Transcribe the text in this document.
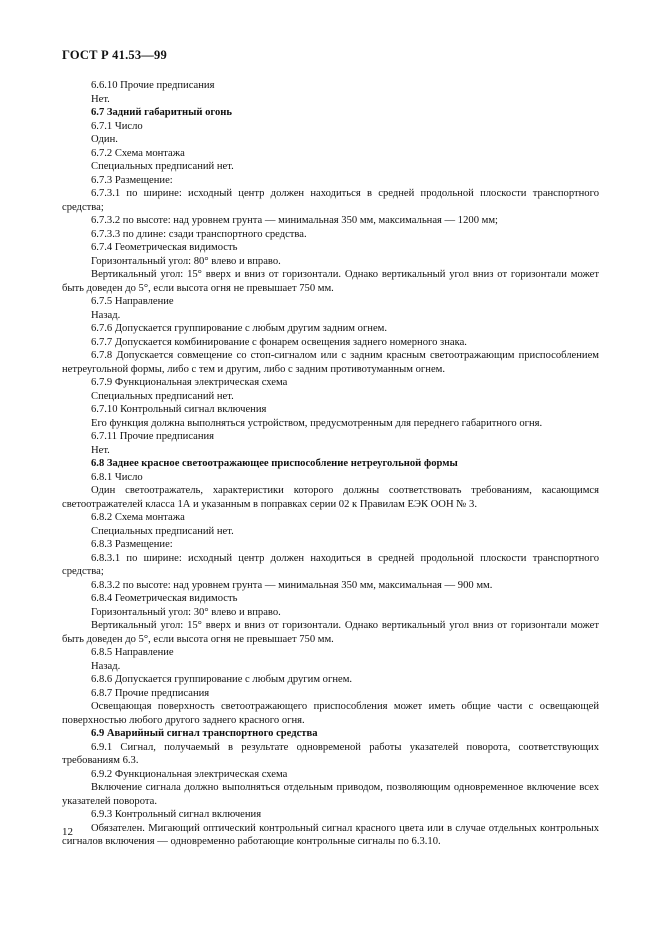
ГОСТ Р 41.53—99

6.6.10 Прочие предписания

Нет.

6.7 Задний габаритный огонь

6.7.1 Число

Один.

6.7.2 Схема монтажа

Специальных предписаний нет.

6.7.3 Размещение:

6.7.3.1 по ширине: исходный центр должен находиться в средней продольной плоскости транспортного средства;

6.7.3.2 по высоте: над уровнем грунта — минимальная 350 мм, максимальная — 1200 мм;

6.7.3.3 по длине: сзади транспортного средства.

6.7.4 Геометрическая видимость

Горизонтальный угол: 80° влево и вправо.

Вертикальный угол: 15° вверх и вниз от горизонтали. Однако вертикальный угол вниз от горизонтали может быть доведен до 5°, если высота огня не превышает 750 мм.

6.7.5 Направление

Назад.

6.7.6 Допускается группирование с любым другим задним огнем.

6.7.7 Допускается комбинирование с фонарем освещения заднего номерного знака.

6.7.8 Допускается совмещение со стоп-сигналом или с задним красным светоотражающим приспособлением нетреугольной формы, либо с тем и другим, либо с задним противотуманным огнем.

6.7.9 Функциональная электрическая схема

Специальных предписаний нет.

6.7.10 Контрольный сигнал включения

Его функция должна выполняться устройством, предусмотренным для переднего габаритного огня.

6.7.11 Прочие предписания

Нет.

6.8 Заднее красное светоотражающее приспособление нетреугольной формы

6.8.1 Число

Один светоотражатель, характеристики которого должны соответствовать требованиям, касающимся светоотражателей класса 1А и указанным в поправках серии 02 к Правилам ЕЭК ООН № 3.

6.8.2 Схема монтажа

Специальных предписаний нет.

6.8.3 Размещение:

6.8.3.1 по ширине: исходный центр должен находиться в средней продольной плоскости транспортного средства;

6.8.3.2 по высоте: над уровнем грунта — минимальная 350 мм, максимальная — 900 мм.

6.8.4 Геометрическая видимость

Горизонтальный угол: 30° влево и вправо.

Вертикальный угол: 15° вверх и вниз от горизонтали. Однако вертикальный угол вниз от горизонтали может быть доведен до 5°, если высота огня не превышает 750 мм.

6.8.5 Направление

Назад.

6.8.6 Допускается группирование с любым другим огнем.

6.8.7 Прочие предписания

Освещающая поверхность светоотражающего приспособления может иметь общие части с освещающей поверхностью любого другого заднего красного огня.

6.9 Аварийный сигнал транспортного средства

6.9.1 Сигнал, получаемый в результате одновременой работы указателей поворота, соответствующих требованиям 6.3.

6.9.2 Функциональная электрическая схема

Включение сигнала должно выполняться отдельным приводом, позволяющим одновременное включение всех указателей поворота.

6.9.3 Контрольный сигнал включения

Обязателен. Мигающий оптический контрольный сигнал красного цвета или в случае отдельных контрольных сигналов включения — одновременно работающие контрольные сигналы по 6.3.10.

12
